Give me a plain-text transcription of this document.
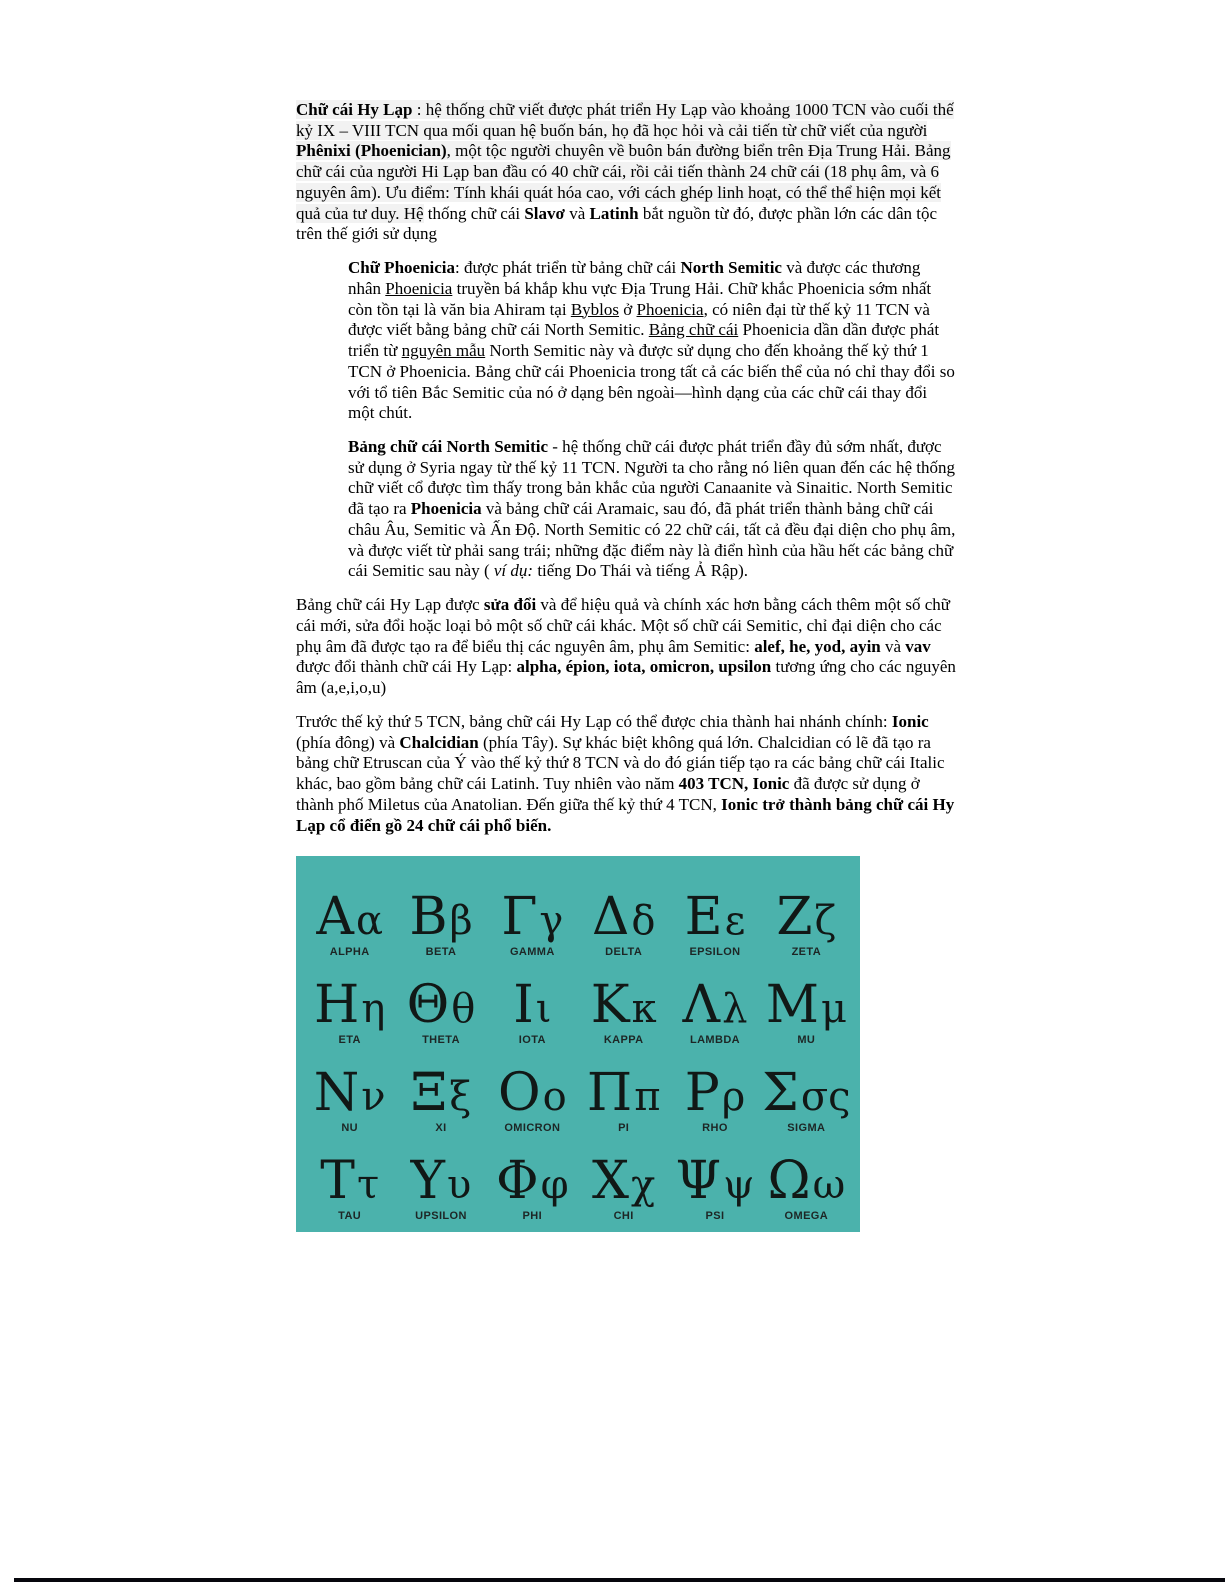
Chữ cái Hy Lạp : hệ thống chữ viết được phát triển Hy Lạp vào khoảng 1000 TCN vào cuối thế kỷ IX – VIII TCN qua mối quan hệ buốn bán, họ đã học hỏi và cải tiến từ chữ viết của người Phênixi (Phoenician), một tộc người chuyên về buôn bán đường biển trên Địa Trung Hải. Bảng chữ cái của người Hi Lạp ban đầu có 40 chữ cái, rồi cải tiến thành 24 chữ cái (18 phụ âm, và 6 nguyên âm). Ưu điểm: Tính khái quát hóa cao, với cách ghép linh hoạt, có thể thể hiện mọi kết quả của tư duy. Hệ thống chữ cái Slavơ và Latinh bắt nguồn từ đó, được phần lớn các dân tộc trên thế giới sử dụng

Chữ Phoenicia: được phát triển từ bảng chữ cái North Semitic và được các thương nhân Phoenicia truyền bá khắp khu vực Địa Trung Hải. Chữ khắc Phoenicia sớm nhất còn tồn tại là văn bia Ahiram tại Byblos ở Phoenicia, có niên đại từ thế kỷ 11 TCN và được viết bằng bảng chữ cái North Semitic. Bảng chữ cái Phoenicia dần dần được phát triển từ nguyên mẫu North Semitic này và được sử dụng cho đến khoảng thế kỷ thứ 1 TCN ở Phoenicia. Bảng chữ cái Phoenicia trong tất cả các biến thể của nó chỉ thay đổi so với tổ tiên Bắc Semitic của nó ở dạng bên ngoài—hình dạng của các chữ cái thay đổi một chút.

Bảng chữ cái North Semitic - hệ thống chữ cái được phát triển đầy đủ sớm nhất, được sử dụng ở Syria ngay từ thế kỷ 11 TCN. Người ta cho rằng nó liên quan đến các hệ thống chữ viết cổ được tìm thấy trong bản khắc của người Canaanite và Sinaitic. North Semitic đã tạo ra Phoenicia và bảng chữ cái Aramaic, sau đó, đã phát triển thành bảng chữ cái châu Âu, Semitic và Ấn Độ. North Semitic có 22 chữ cái, tất cả đều đại diện cho phụ âm, và được viết từ phải sang trái; những đặc điểm này là điển hình của hầu hết các bảng chữ cái Semitic sau này ( ví dụ: tiếng Do Thái và tiếng Ả Rập).

Bảng chữ cái Hy Lạp được sửa đổi và để hiệu quả và chính xác hơn bằng cách thêm một số chữ cái mới, sửa đổi hoặc loại bỏ một số chữ cái khác. Một số chữ cái Semitic, chỉ đại diện cho các phụ âm đã được tạo ra để biểu thị các nguyên âm, phụ âm Semitic: alef, he, yod, ayin và vav được đổi thành chữ cái Hy Lạp: alpha, épion, iota, omicron, upsilon tương ứng cho các nguyên âm (a,e,i,o,u)

Trước thế kỷ thứ 5 TCN, bảng chữ cái Hy Lạp có thể được chia thành hai nhánh chính: Ionic (phía đông) và Chalcidian (phía Tây). Sự khác biệt không quá lớn. Chalcidian có lẽ đã tạo ra bảng chữ Etruscan của Ý vào thế kỷ thứ 8 TCN và do đó gián tiếp tạo ra các bảng chữ cái Italic khác, bao gồm bảng chữ cái Latinh. Tuy nhiên vào năm 403 TCN, Ionic đã được sử dụng ở thành phố Miletus của Anatolian. Đến giữa thế kỷ thứ 4 TCN, Ionic trở thành bảng chữ cái Hy Lạp cổ điển gồ 24 chữ cái phổ biến.

Α α
ALPHA
Β β
BETA
Γ γ
GAMMA
Δ δ
DELTA
Ε ε
EPSILON
Ζ ζ
ZETA
Η η
ETA
Θ θ
THETA
Ι ι
IOTA
Κ κ
KAPPA
Λ λ
LAMBDA
Μ μ
MU
Ν ν
NU
Ξ ξ
XI
Ο ο
OMICRON
Π π
PI
Ρ ρ
RHO
Σ σς
SIGMA
Τ τ
TAU
Υ υ
UPSILON
Φ φ
PHI
Χ χ
CHI
Ψ ψ
PSI
Ω ω
OMEGA
